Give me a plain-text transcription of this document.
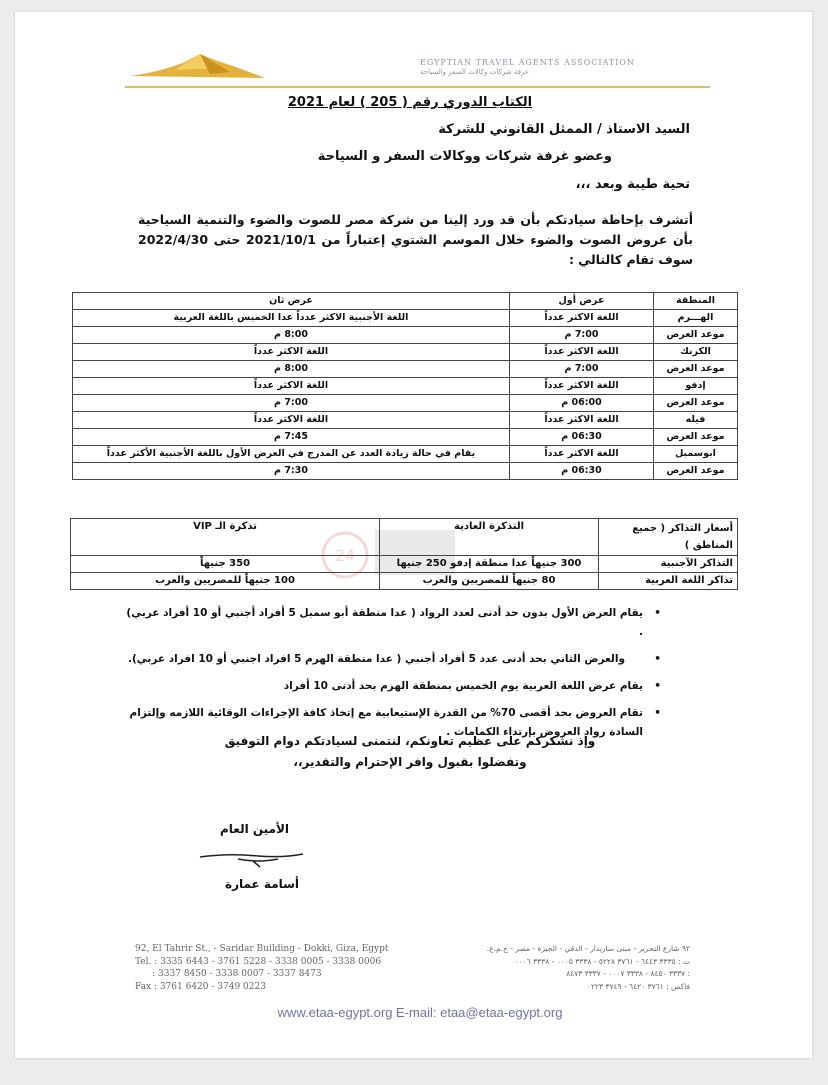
EGYPTIAN TRAVEL AGENTS ASSOCIATION
غرفة شركات وكالات السفر والسياحة
الكتاب الدوري رقم ( 205 ) لعام 2021
السيد الاستاذ / الممثل القانوني للشركة
وعضو غرفة شركات ووكالات السفر و السياحة
تحية طيبة وبعد ،،،
أتشرف بإحاطة سيادتكم بأن قد ورد إلينا من شركة مصر للصوت والضوء والتنمية السياحية بأن عروض الصوت والضوء خلال الموسم الشتوي إعتباراً من 2021/10/1 حتى 2022/4/30 سوف تقام كالتالي :
المنطقة	عرض أول	عرض ثان
الهـــرم	اللغة الاكثر عدداً	اللغة الأجنبية الاكثر عدداً عدا الخميس باللغة العربية
موعد العرض	7:00 م	8:00 م
الكرنك	اللغة الاكثر عدداً	اللغة الاكثر عدداً
موعد العرض	7:00 م	8:00 م
إدفو	اللغة الاكثر عدداً	اللغة الاكثر عدداً
موعد العرض	06:00 م	7:00 م
فيله	اللغة الاكثر عدداً	اللغة الاكثر عدداً
موعد العرض	06:30 م	7:45 م
ابوسمبل	اللغة الاكثر عدداً	يقام في حالة زيادة العدد عن المدرج في العرض الأول باللغة الأجنبية الأكثر عدداً
موعد العرض	06:30 م	7:30 م
24
أسعار التذاكر ( جميع المناطق )	التذكرة العادية	تذكرة الـ VIP
التذاكر الآجنبية	300 جنيهاً عدا منطقة إدفو 250 جنيها	350 جنيهاً
تذاكر اللغة العربية	80 جنيهاً للمصريين والعرب	100 جنيهاً للمصريين والعرب
•
يقام العرض الأول بدون حد أدنى لعدد الرواد ( عدا منطقة أبو سمبل 5 أفراد أجنبي أو 10 أفراد عربي) .
•
والعرض الثاني بحد أدنى عدد 5 أفراد أجنبي ( عدا منطقة الهرم 5 افراد اجنبي أو 10 افراد عربي).
•
يقام عرض اللغة العربية يوم الخميس بمنطقة الهرم بحد أدنى 10 أفراد
•
تقام العروض بحد أقصى 70% من القدرة الإستيعابية مع إتخاذ كافة الإجراءات الوقائية اللازمه وإلتزام السادة رواد العروض بإرتداء الكمامات .
وإذ نشكركم على عظيم تعاونكم، لنتمنى لسيادتكم دوام التوفيق
وتفضلوا بقبول وافر الإحترام والتقدير،،
الأمين العام
أسامة عمارة
92, El Tahrir St., - Saridar Building - Dokki, Giza, Egypt
Tel. : 3335 6443 - 3761 5228 - 3338 0005 - 3338 0006
: 3337 8450 - 3338 0007 - 3337 8473
Fax : 3761 6420 - 3749 0223
٩٢ شارع التحرير - مبنى ساريدار - الدقي - الجيزة - مصر - ج.م.ع.
ت : ٣٣٣٥ ٦٤٤٣ - ٣٧٦١ ٥٢٢٨ - ٣٣٣٨ ٠٠٠٥ - ٣٣٣٨ ٠٠٠٦
: ٣٣٣٧ ٨٤٥٠ - ٣٣٣٨ ٠٠٠٧ - ٣٣٣٧ ٨٤٧٣
فاكس : ٣٧٦١ ٦٤٢٠ - ٣٧٤٩ ٠٢٢٣
www.etaa-egypt.org E-mail: etaa@etaa-egypt.org
